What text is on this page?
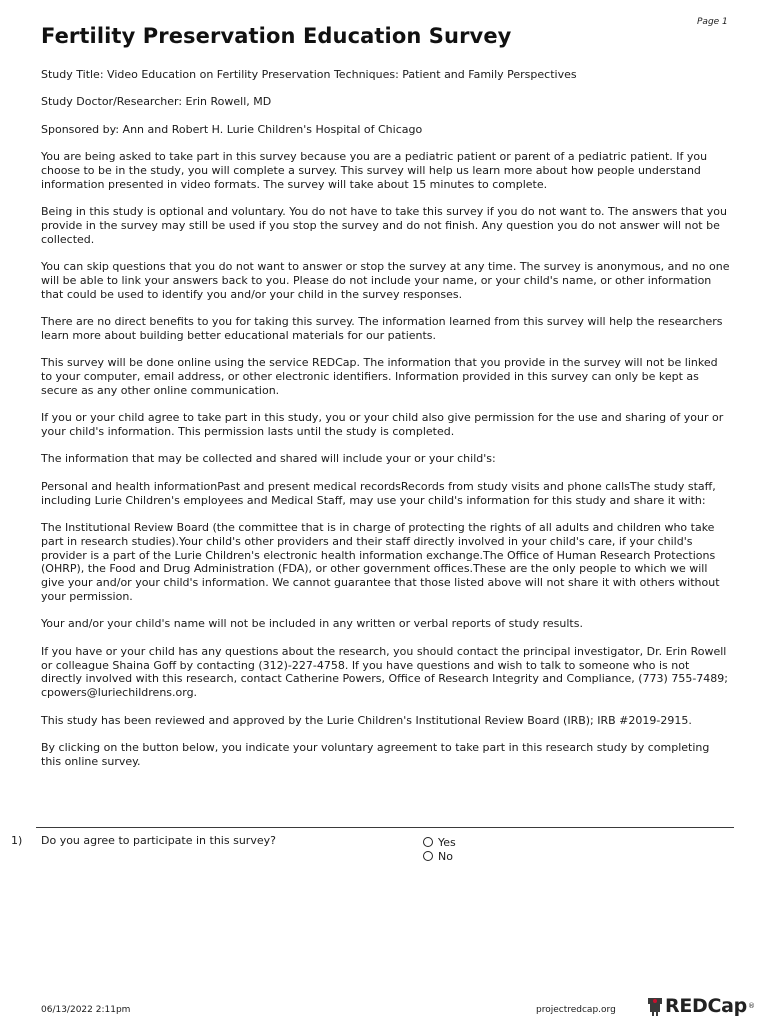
Page 1
Fertility Preservation Education Survey

Study Title: Video Education on Fertility Preservation Techniques: Patient and Family Perspectives

Study Doctor/Researcher: Erin Rowell, MD

Sponsored by: Ann and Robert H. Lurie Children's Hospital of Chicago

You are being asked to take part in this survey because you are a pediatric patient or parent of a pediatric patient. If you choose to be in the study, you will complete a survey. This survey will help us learn more about how people understand information presented in video formats. The survey will take about 15 minutes to complete.

Being in this study is optional and voluntary. You do not have to take this survey if you do not want to. The answers that you provide in the survey may still be used if you stop the survey and do not finish. Any question you do not answer will not be collected.

You can skip questions that you do not want to answer or stop the survey at any time. The survey is anonymous, and no one will be able to link your answers back to you. Please do not include your name, or your child's name, or other information that could be used to identify you and/or your child in the survey responses.

There are no direct benefits to you for taking this survey. The information learned from this survey will help the researchers learn more about building better educational materials for our patients.

This survey will be done online using the service REDCap. The information that you provide in the survey will not be linked to your computer, email address, or other electronic identifiers. Information provided in this survey can only be kept as secure as any other online communication.

If you or your child agree to take part in this study, you or your child also give permission for the use and sharing of your or your child's information. This permission lasts until the study is completed.

The information that may be collected and shared will include your or your child's:

Personal and health informationPast and present medical recordsRecords from study visits and phone callsThe study staff, including Lurie Children's employees and Medical Staff, may use your child's information for this study and share it with:

The Institutional Review Board (the committee that is in charge of protecting the rights of all adults and children who take part in research studies).Your child's other providers and their staff directly involved in your child's care, if your child's provider is a part of the Lurie Children's electronic health information exchange.The Office of Human Research Protections (OHRP), the Food and Drug Administration (FDA), or other government offices.These are the only people to which we will give your and/or your child's information. We cannot guarantee that those listed above will not share it with others without your permission.

Your and/or your child's name will not be included in any written or verbal reports of study results.

If you have or your child has any questions about the research, you should contact the principal investigator, Dr. Erin Rowell or colleague Shaina Goff by contacting (312)-227-4758. If you have questions and wish to talk to someone who is not directly involved with this research, contact Catherine Powers, Office of Research Integrity and Compliance, (773) 755-7489; cpowers@luriechildrens.org.

This study has been reviewed and approved by the Lurie Children's Institutional Review Board (IRB); IRB #2019-2915.

By clicking on the button below, you indicate your voluntary agreement to take part in this research study by completing this online survey.

1) Do you agree to participate in this survey?	Yes
No
06/13/2022 2:11pm	projectredcap.org	REDCap ®
